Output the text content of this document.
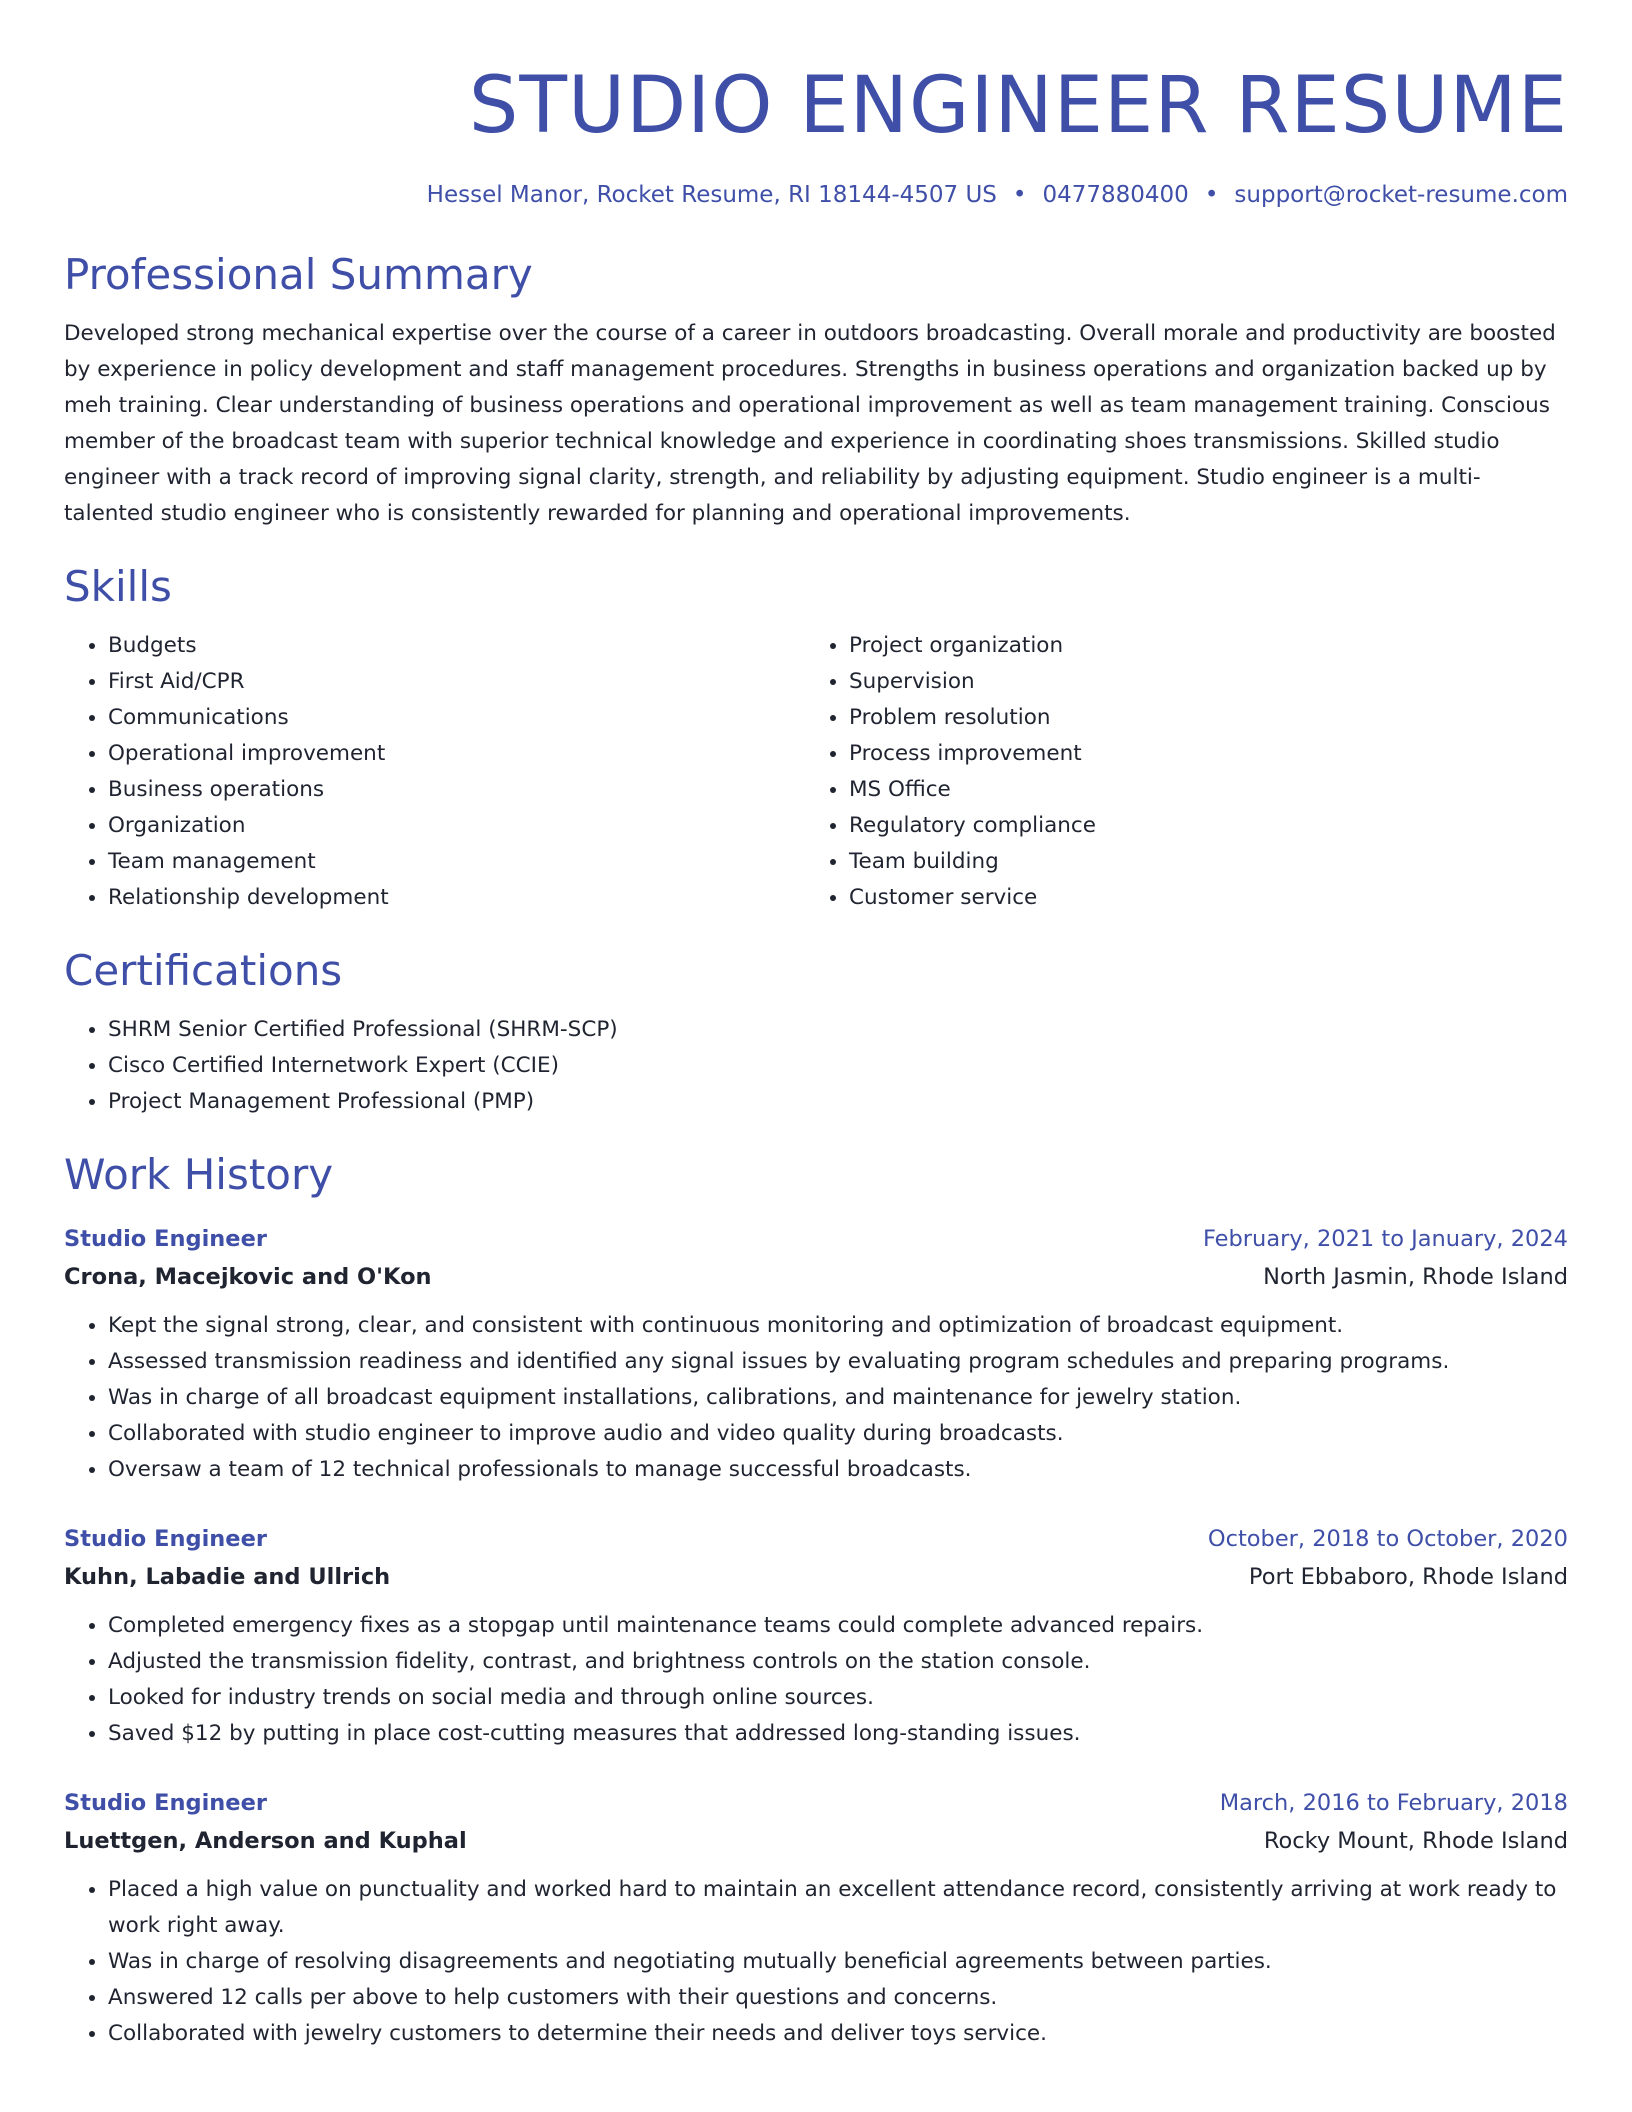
STUDIO ENGINEER RESUME
Hessel Manor, Rocket Resume, RI 18144-4507 US • 0477880400 • support@rocket-resume.com
Professional Summary

Developed strong mechanical expertise over the course of a career in outdoors broadcasting. Overall morale and productivity are boosted by experience in policy development and staff management procedures. Strengths in business operations and organization backed up by meh training. Clear understanding of business operations and operational improvement as well as team management training. Conscious member of the broadcast team with superior technical knowledge and experience in coordinating shoes transmissions. Skilled studio engineer with a track record of improving signal clarity, strength, and reliability by adjusting equipment. Studio engineer is a multi-talented studio engineer who is consistently rewarded for planning and operational improvements.

Skills
• Budgets
• First Aid/CPR
• Communications
• Operational improvement
• Business operations
• Organization
• Team management
• Relationship development
• Project organization
• Supervision
• Problem resolution
• Process improvement
• MS Office
• Regulatory compliance
• Team building
• Customer service
Certifications
• SHRM Senior Certified Professional (SHRM-SCP)
• Cisco Certified Internetwork Expert (CCIE)
• Project Management Professional (PMP)
Work History
Studio Engineer	February, 2021 to January, 2024
Crona, Macejkovic and O'Kon	North Jasmin, Rhode Island
• Kept the signal strong, clear, and consistent with continuous monitoring and optimization of broadcast equipment.
• Assessed transmission readiness and identified any signal issues by evaluating program schedules and preparing programs.
• Was in charge of all broadcast equipment installations, calibrations, and maintenance for jewelry station.
• Collaborated with studio engineer to improve audio and video quality during broadcasts.
• Oversaw a team of 12 technical professionals to manage successful broadcasts.
Studio Engineer	October, 2018 to October, 2020
Kuhn, Labadie and Ullrich	Port Ebbaboro, Rhode Island
• Completed emergency fixes as a stopgap until maintenance teams could complete advanced repairs.
• Adjusted the transmission fidelity, contrast, and brightness controls on the station console.
• Looked for industry trends on social media and through online sources.
• Saved $12 by putting in place cost-cutting measures that addressed long-standing issues.
Studio Engineer	March, 2016 to February, 2018
Luettgen, Anderson and Kuphal	Rocky Mount, Rhode Island
• Placed a high value on punctuality and worked hard to maintain an excellent attendance record, consistently arriving at work ready to work right away.
• Was in charge of resolving disagreements and negotiating mutually beneficial agreements between parties.
• Answered 12 calls per above to help customers with their questions and concerns.
• Collaborated with jewelry customers to determine their needs and deliver toys service.
